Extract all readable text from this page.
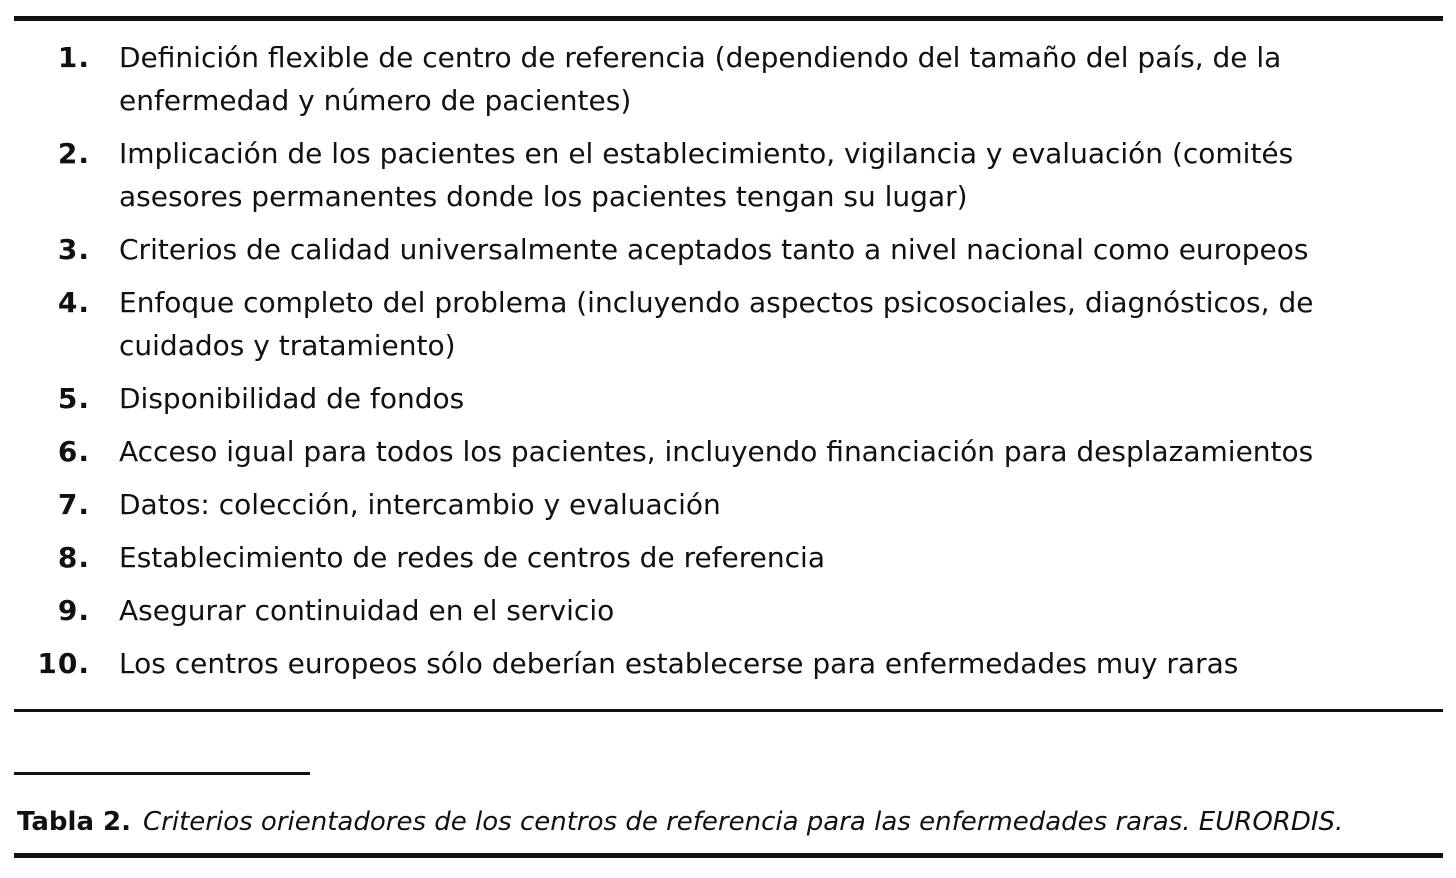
1. Definición flexible de centro de referencia (dependiendo del tamaño del país, de la enfermedad y número de pacientes)
2. Implicación de los pacientes en el establecimiento, vigilancia y evaluación (comités asesores permanentes donde los pacientes tengan su lugar)
3. Criterios de calidad universalmente aceptados tanto a nivel nacional como europeos
4. Enfoque completo del problema (incluyendo aspectos psicosociales, diagnósticos, de cuidados y tratamiento)
5. Disponibilidad de fondos
6. Acceso igual para todos los pacientes, incluyendo financiación para desplazamientos
7. Datos: colección, intercambio y evaluación
8. Establecimiento de redes de centros de referencia
9. Asegurar continuidad en el servicio
10. Los centros europeos sólo deberían establecerse para enfermedades muy raras
Tabla 2. Criterios orientadores de los centros de referencia para las enfermedades raras. EURORDIS.
